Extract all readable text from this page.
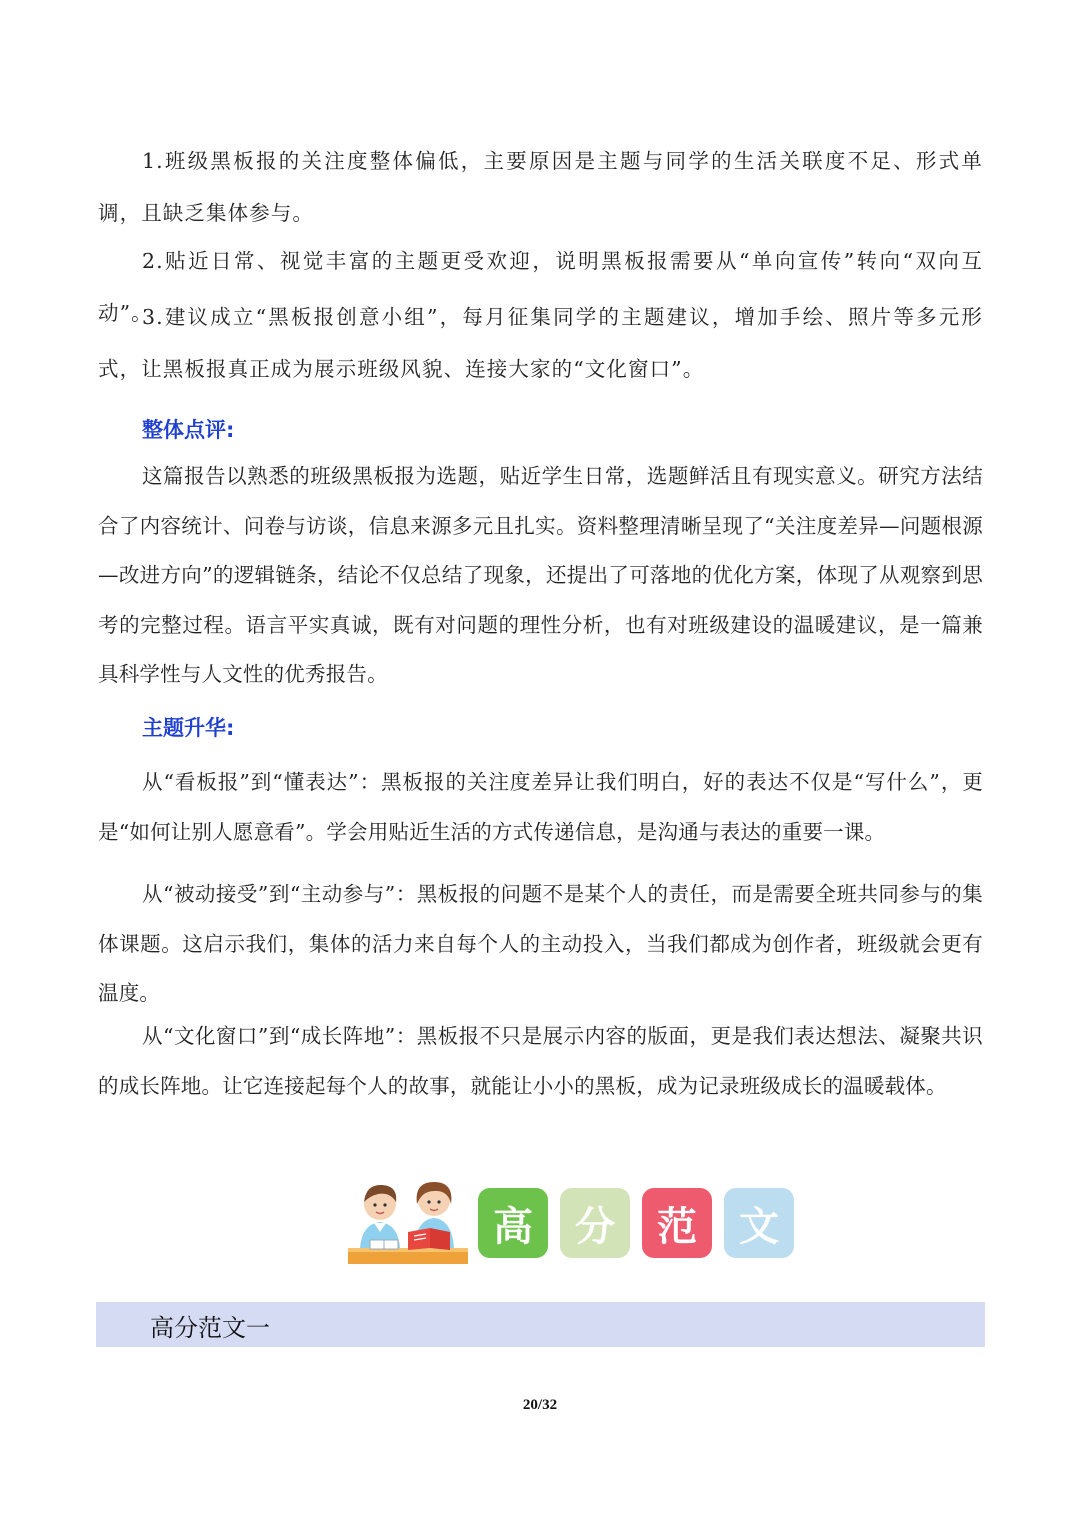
1.班级黑板报的关注度整体偏低，主要原因是主题与同学的生活关联度不足、形式单调，且缺乏集体参与。

2.贴近日常、视觉丰富的主题更受欢迎，说明黑板报需要从“单向宣传”转向“双向互动”。

3.建议成立“黑板报创意小组”，每月征集同学的主题建议，增加手绘、照片等多元形式，让黑板报真正成为展示班级风貌、连接大家的“文化窗口”。

整体点评:

这篇报告以熟悉的班级黑板报为选题，贴近学生日常，选题鲜活且有现实意义。研究方法结合了内容统计、问卷与访谈，信息来源多元且扎实。资料整理清晰呈现了“关注度差异—问题根源—改进方向”的逻辑链条，结论不仅总结了现象，还提出了可落地的优化方案，体现了从观察到思考的完整过程。语言平实真诚，既有对问题的理性分析，也有对班级建设的温暖建议，是一篇兼具科学性与人文性的优秀报告。

主题升华:

从“看板报”到“懂表达”：黑板报的关注度差异让我们明白，好的表达不仅是“写什么”，更是“如何让别人愿意看”。学会用贴近生活的方式传递信息，是沟通与表达的重要一课。

从“被动接受”到“主动参与”：黑板报的问题不是某个人的责任，而是需要全班共同参与的集体课题。这启示我们，集体的活力来自每个人的主动投入，当我们都成为创作者，班级就会更有温度。

从“文化窗口”到“成长阵地”：黑板报不只是展示内容的版面，更是我们表达想法、凝聚共识的成长阵地。让它连接起每个人的故事，就能让小小的黑板，成为记录班级成长的温暖载体。

高 分 范 文
高分范文一
20/32
